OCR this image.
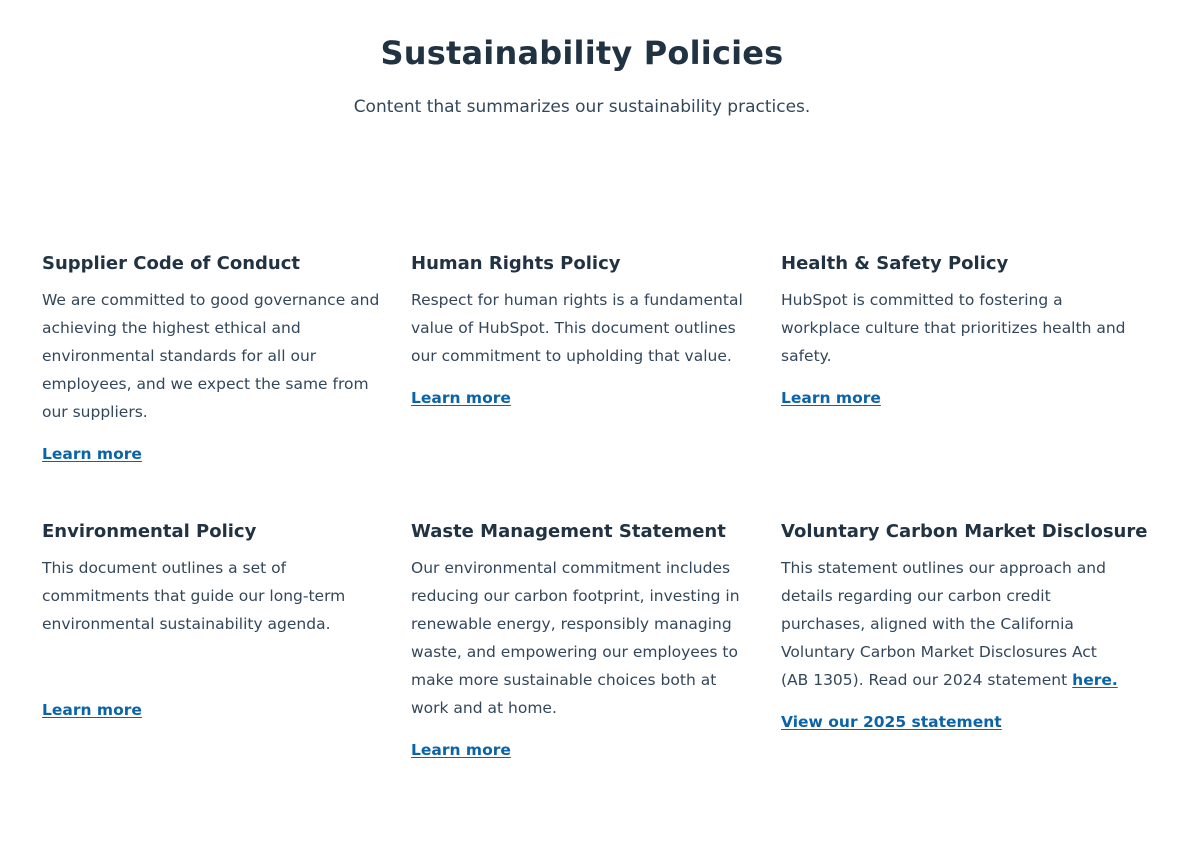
Sustainability Policies

Content that summarizes our sustainability practices.

Supplier Code of Conduct

We are committed to good governance and achieving the highest ethical and environmental standards for all our employees, and we expect the same from our suppliers.

Learn more
Human Rights Policy

Respect for human rights is a fundamental value of HubSpot. This document outlines our commitment to upholding that value.

Learn more
Health & Safety Policy

HubSpot is committed to fostering a workplace culture that prioritizes health and safety.

Learn more
Environmental Policy

This document outlines a set of commitments that guide our long-term environmental sustainability agenda.

Learn more
Waste Management Statement

Our environmental commitment includes reducing our carbon footprint, investing in renewable energy, responsibly managing waste, and empowering our employees to make more sustainable choices both at work and at home.

Learn more
Voluntary Carbon Market Disclosure

This statement outlines our approach and details regarding our carbon credit purchases, aligned with the California Voluntary Carbon Market Disclosures Act (AB 1305). Read our 2024 statement here.

View our 2025 statement
